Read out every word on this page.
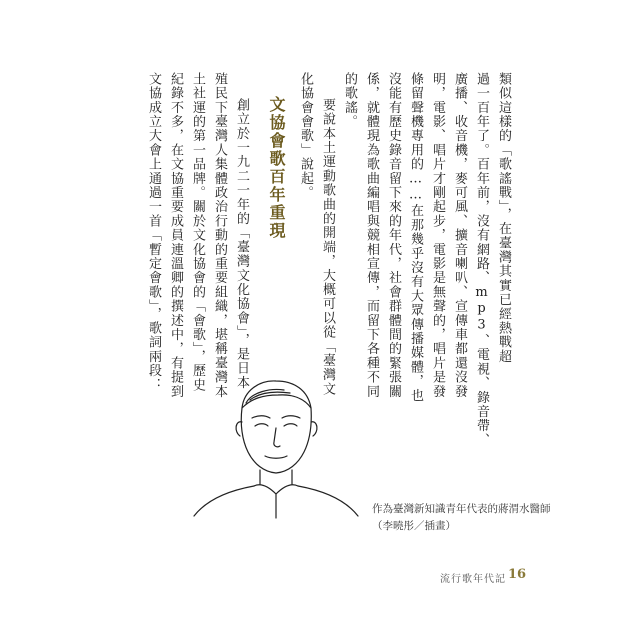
類似這樣的「歌謠戰」，在臺灣其實已經熱戰超
過一百年了。百年前，沒有網路、mp3、電視、錄音帶、
廣播、收音機，麥可風、擴音喇叭、宣傳車都還沒發
明，電影、唱片才剛起步，電影是無聲的，唱片是發
條留聲機專用的……在那幾乎沒有大眾傳播媒體，也
沒能有歷史錄音留下來的年代，社會群體間的緊張關
係，就體現為歌曲編唱與競相宣傳，而留下各種不同
的歌謠。
要說本土運動歌曲的開端，大概可以從「臺灣文
化協會會歌」說起。
文協會歌百年重現
創立於一九二一年的「臺灣文化協會」，是日本
殖民下臺灣人集體政治行動的重要組織，堪稱臺灣本
土社運的第一品牌。關於文化協會的「會歌」，歷史
紀錄不多，在文協重要成員連溫卿的撰述中，有提到
文協成立大會上通過一首「暫定會歌」，歌詞兩段：
作為臺灣新知識青年代表的蔣渭水醫師
（李曉彤／插畫）
流行歌年代記 16
